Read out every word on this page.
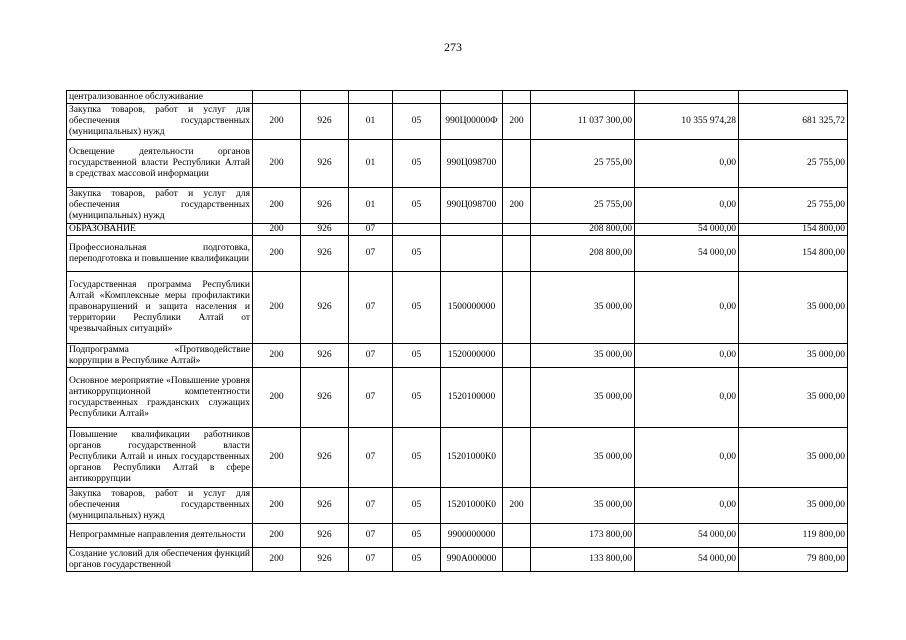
273
централизованное обслуживание									
Закупка товаров, работ и услуг для обеспечения государственных (муниципальных) нужд	200	926	01	05	990Ц00000Ф	200	11 037 300,00	10 355 974,28	681 325,72
Освещение деятельности органов государственной власти Республики Алтай в средствах массовой информации	200	926	01	05	990Ц098700		25 755,00	0,00	25 755,00
Закупка товаров, работ и услуг для обеспечения государственных (муниципальных) нужд	200	926	01	05	990Ц098700	200	25 755,00	0,00	25 755,00
ОБРАЗОВАНИЕ	200	926	07				208 800,00	54 000,00	154 800,00
Профессиональная подготовка, переподготовка и повышение квалификации	200	926	07	05			208 800,00	54 000,00	154 800,00
Государственная программа Республики Алтай «Комплексные меры профилактики правонарушений и защита населения и территории Республики Алтай от чрезвычайных ситуаций»	200	926	07	05	1500000000		35 000,00	0,00	35 000,00
Подпрограмма «Противодействие коррупции в Республике Алтай»	200	926	07	05	1520000000		35 000,00	0,00	35 000,00
Основное мероприятие «Повышение уровня антикоррупционной компетентности государственных гражданских служащих Республики Алтай»	200	926	07	05	1520100000		35 000,00	0,00	35 000,00
Повышение квалификации работников органов государственной власти Республики Алтай и иных государственных органов Республики Алтай в сфере антикоррупции	200	926	07	05	15201000К0		35 000,00	0,00	35 000,00
Закупка товаров, работ и услуг для обеспечения государственных (муниципальных) нужд	200	926	07	05	15201000К0	200	35 000,00	0,00	35 000,00
Непрограммные направления деятельности	200	926	07	05	9900000000		173 800,00	54 000,00	119 800,00
Создание условий для обеспечения функций органов государственной	200	926	07	05	990А000000		133 800,00	54 000,00	79 800,00
